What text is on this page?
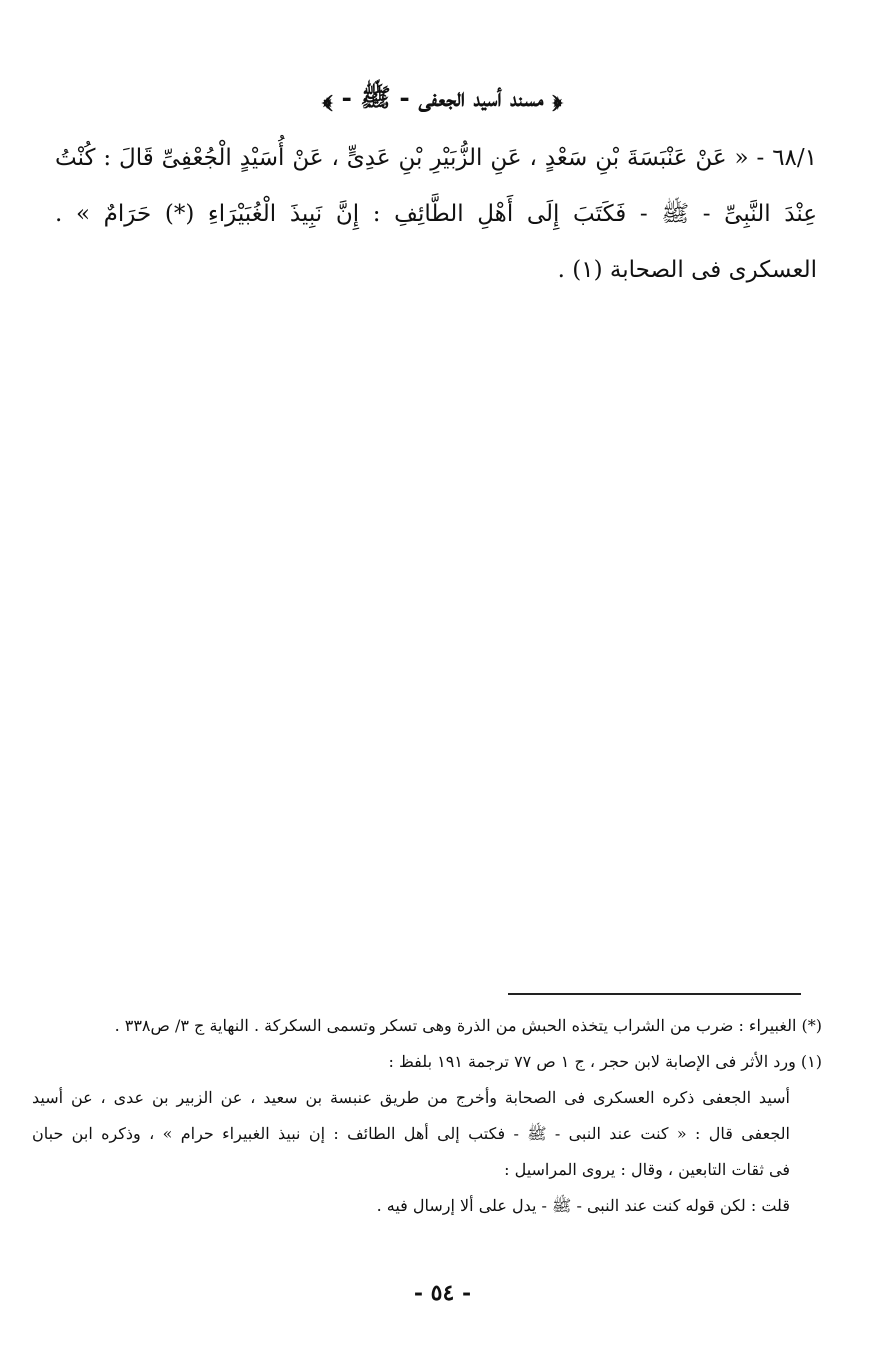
﴿ مسند أسيد الجعفى - ﷺ - ﴾
٦٨/١ - « عَنْ عَنْبَسَةَ بْنِ سَعْدٍ ، عَنِ الزُّبَيْرِ بْنِ عَدِىٍّ ، عَنْ أُسَيْدٍ الْجُعْفِىِّ قَالَ : كُنْتُ
عِنْدَ النَّبِىِّ - ﷺ - فَكَتَبَ إِلَى أَهْلِ الطَّائِفِ : إِنَّ نَبِيذَ الْغُبَيْرَاءِ (*) حَرَامٌ » .
العسكرى فى الصحابة (١) .
(*) الغبيراء : ضرب من الشراب يتخذه الحبش من الذرة وهى تسكر وتسمى السكركة . النهاية ج ٣/ ص٣٣٨ .
(١) ورد الأثر فى الإصابة لابن حجر ، ج ١ ص ٧٧ ترجمة ١٩١ بلفظ :
أسيد الجعفى ذكره العسكرى فى الصحابة وأخرج من طريق عنبسة بن سعيد ، عن الزبير بن عدى ، عن أسيد
الجعفى قال : « كنت عند النبى - ﷺ - فكتب إلى أهل الطائف : إن نبيذ الغبيراء حرام » ، وذكره ابن حبان
فى ثقات التابعين ، وقال : يروى المراسيل :
قلت : لكن قوله كنت عند النبى - ﷺ - يدل على ألا إرسال فيه .
- ٥٤ -
